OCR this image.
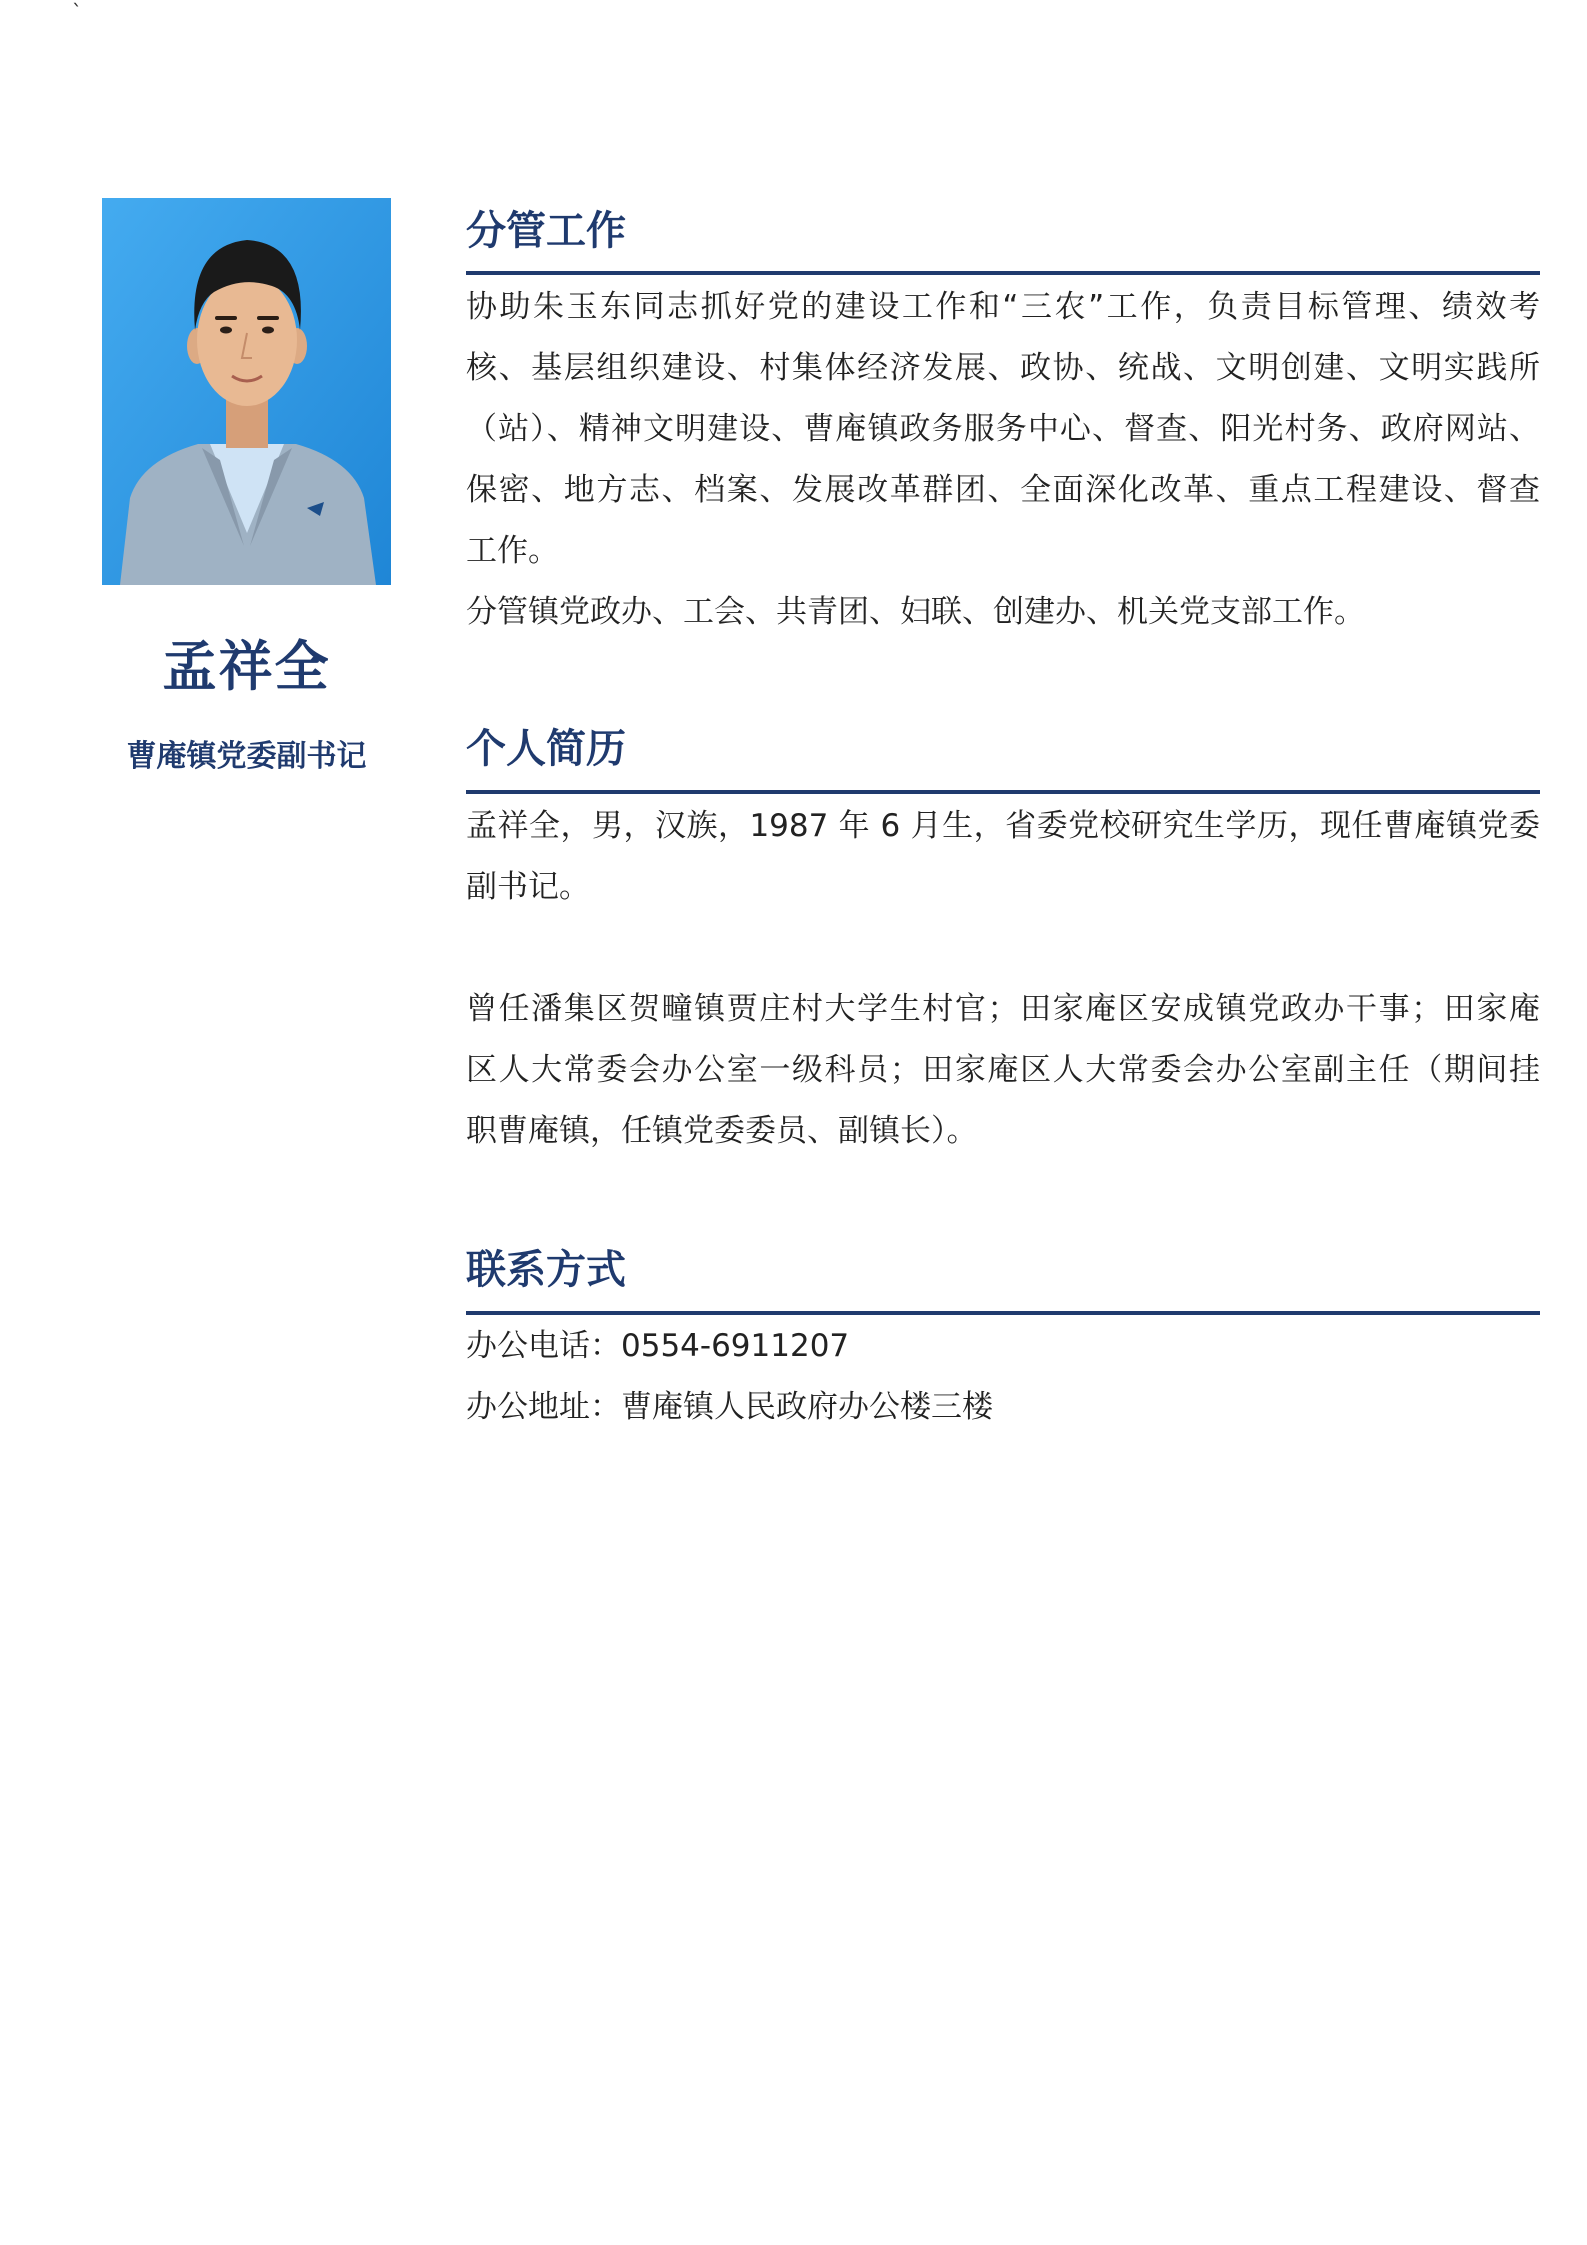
`
孟祥全
曹庵镇党委副书记
分管工作
协助朱玉东同志抓好党的建设工作和“三农”工作，负责目标管理、绩效考
核、基层组织建设、村集体经济发展、政协、统战、文明创建、文明实践所
（站）、精神文明建设、曹庵镇政务服务中心、督查、阳光村务、政府网站、
保密、地方志、档案、发展改革群团、全面深化改革、重点工程建设、督查
工作。
分管镇党政办、工会、共青团、妇联、创建办、机关党支部工作。
个人简历
孟祥全，男，汉族，1987 年 6 月生，省委党校研究生学历，现任曹庵镇党委
副书记。
曾任潘集区贺疃镇贾庄村大学生村官；田家庵区安成镇党政办干事；田家庵
区人大常委会办公室一级科员；田家庵区人大常委会办公室副主任（期间挂
职曹庵镇，任镇党委委员、副镇长）。
联系方式
办公电话：0554-6911207
办公地址：曹庵镇人民政府办公楼三楼
